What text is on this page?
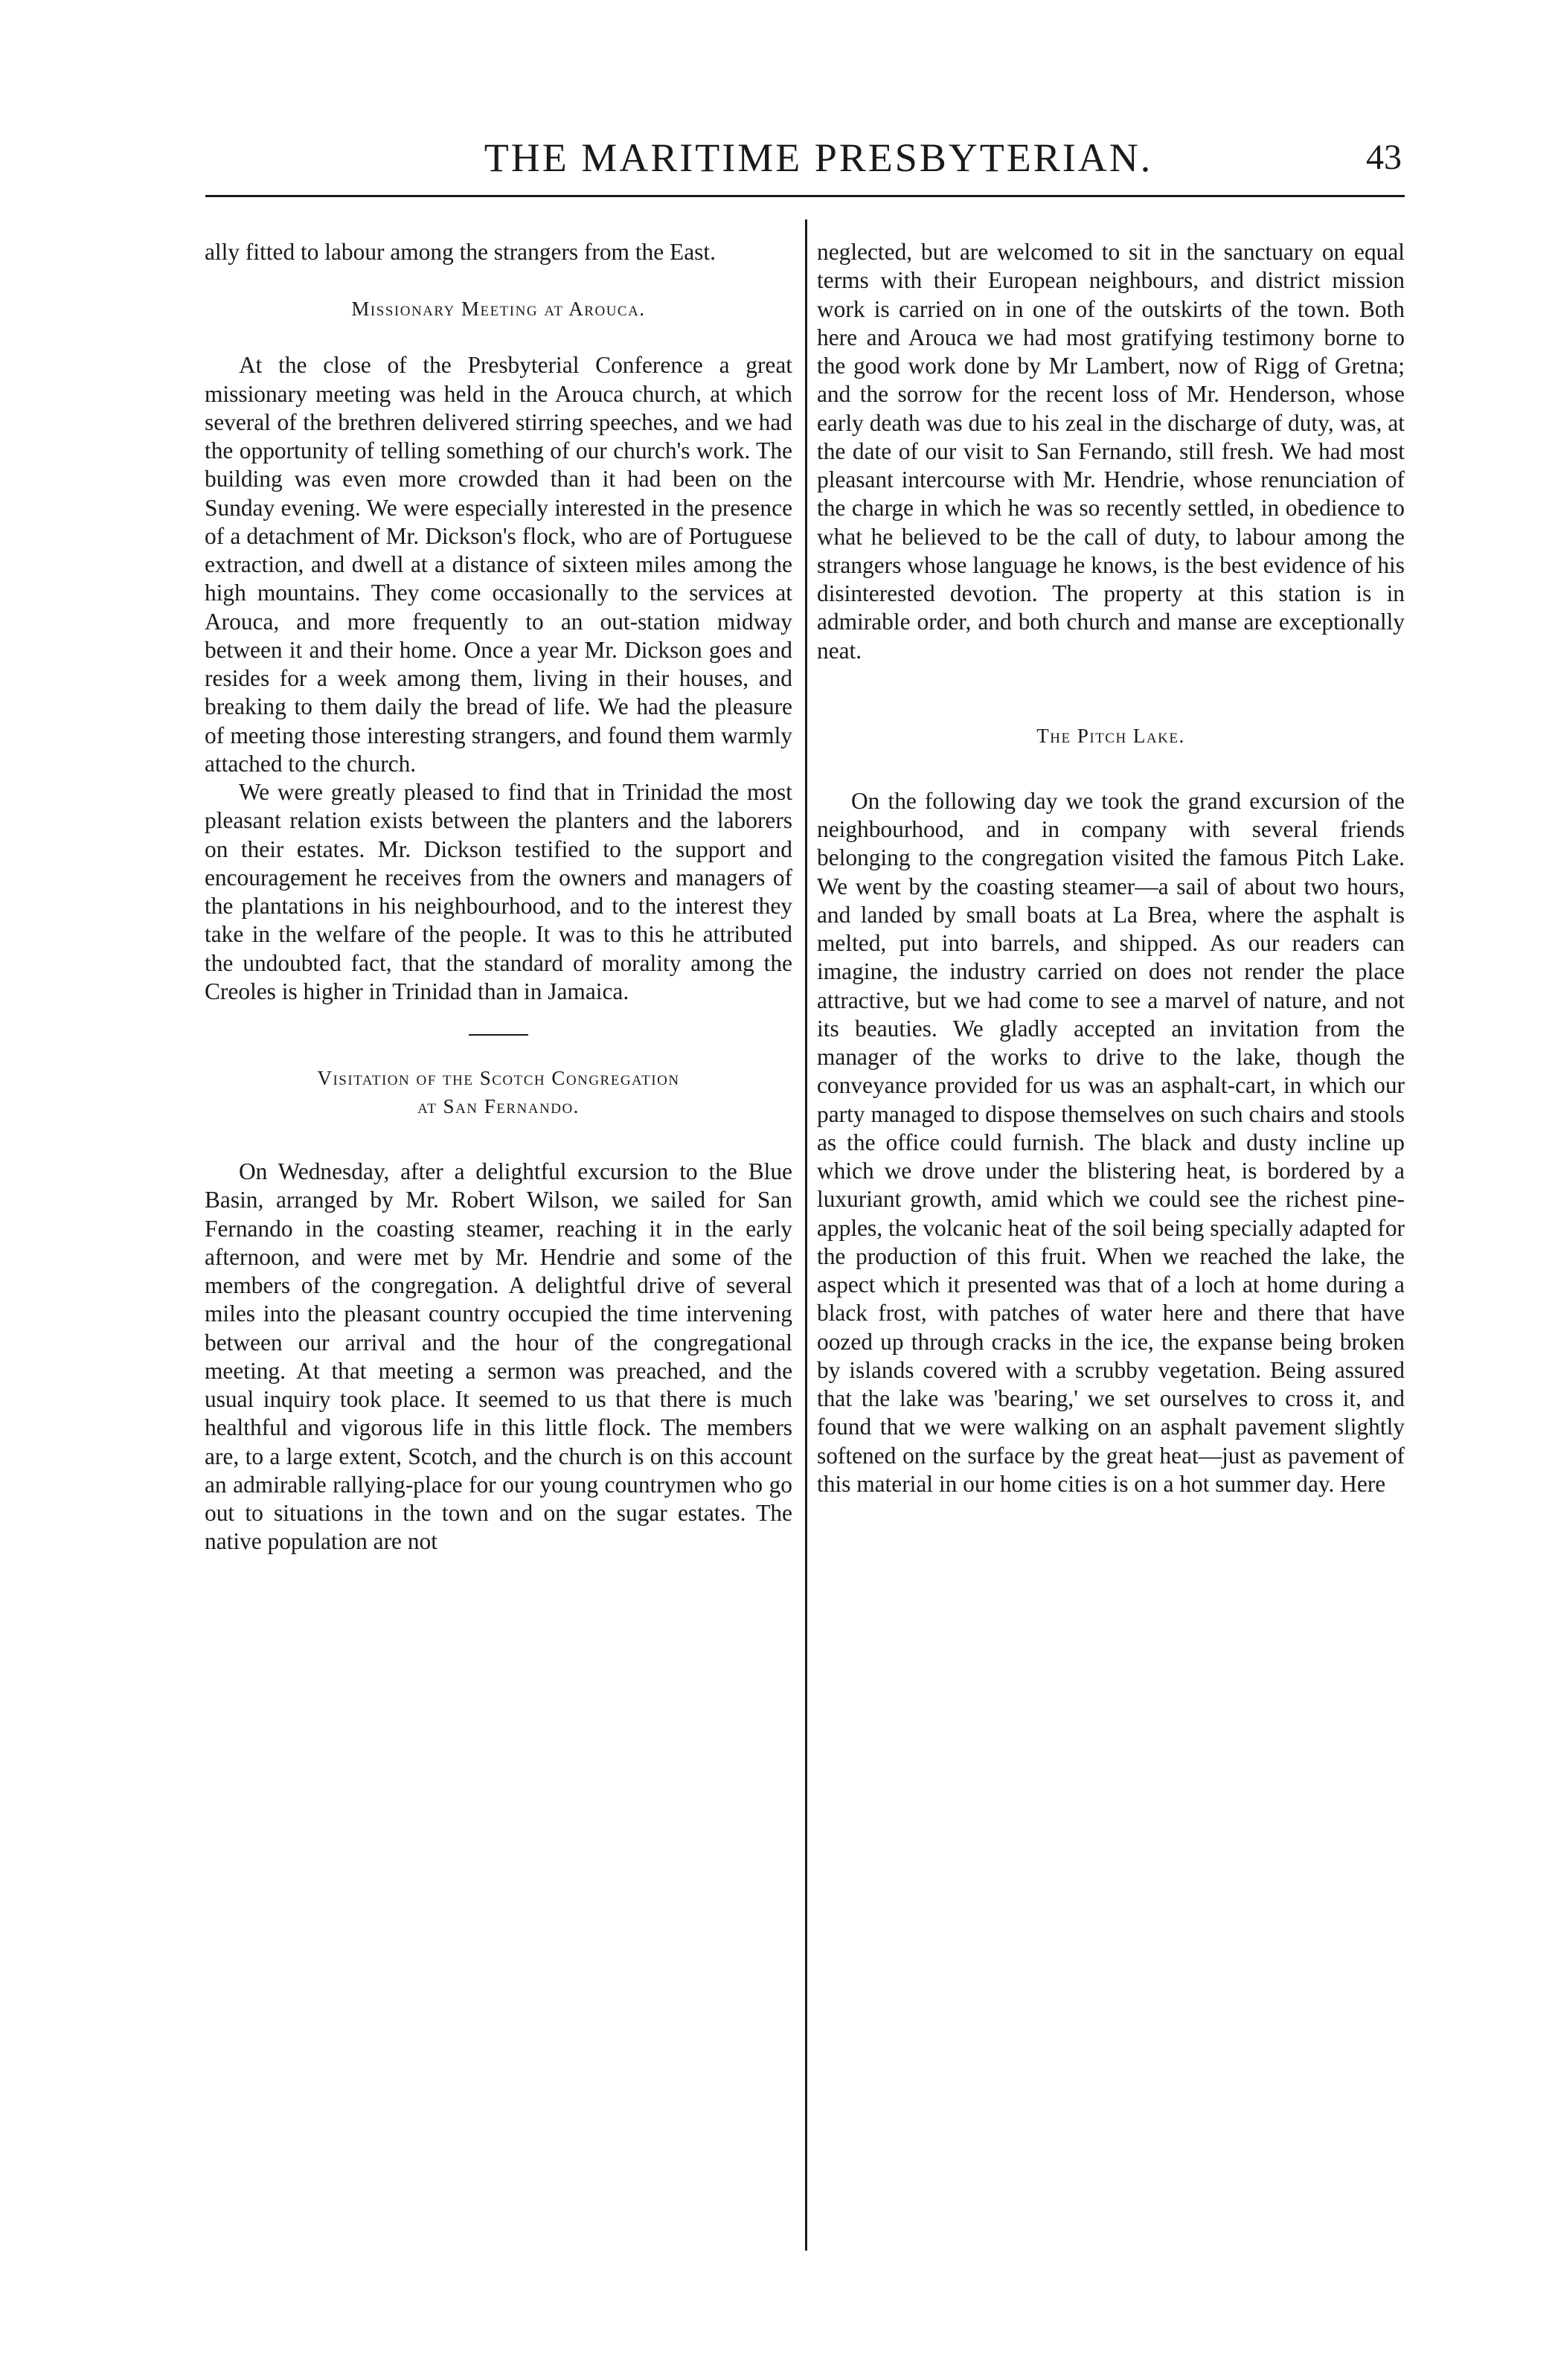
THE MARITIME PRESBYTERIAN.	43

ally fitted to labour among the strangers from the East.

Missionary Meeting at Arouca.

At the close of the Presbyterial Conference a great missionary meeting was held in the Arouca church, at which several of the brethren delivered stirring speeches, and we had the opportunity of telling something of our church's work. The building was even more crowded than it had been on the Sunday evening. We were especially interested in the presence of a detachment of Mr. Dickson's flock, who are of Portuguese extraction, and dwell at a distance of sixteen miles among the high mountains. They come occasionally to the services at Arouca, and more frequently to an out-station midway between it and their home. Once a year Mr. Dickson goes and resides for a week among them, living in their houses, and breaking to them daily the bread of life. We had the pleasure of meeting those interesting strangers, and found them warmly attached to the church.

We were greatly pleased to find that in Trinidad the most pleasant relation exists between the planters and the laborers on their estates. Mr. Dickson testified to the support and encouragement he receives from the owners and managers of the plantations in his neighbourhood, and to the interest they take in the welfare of the people. It was to this he attributed the undoubted fact, that the standard of morality among the Creoles is higher in Trinidad than in Jamaica.

Visitation of the Scotch Congregation
at San Fernando.

On Wednesday, after a delightful excursion to the Blue Basin, arranged by Mr. Robert Wilson, we sailed for San Fernando in the coasting steamer, reaching it in the early afternoon, and were met by Mr. Hendrie and some of the members of the congregation. A delightful drive of several miles into the pleasant country occupied the time intervening between our arrival and the hour of the congregational meeting. At that meeting a sermon was preached, and the usual inquiry took place. It seemed to us that there is much healthful and vigorous life in this little flock. The members are, to a large extent, Scotch, and the church is on this account an admirable rallying-place for our young countrymen who go out to situations in the town and on the sugar estates. The native population are not

neglected, but are welcomed to sit in the sanctuary on equal terms with their European neighbours, and district mission work is carried on in one of the outskirts of the town. Both here and Arouca we had most gratifying testimony borne to the good work done by Mr Lambert, now of Rigg of Gretna; and the sorrow for the recent loss of Mr. Henderson, whose early death was due to his zeal in the discharge of duty, was, at the date of our visit to San Fernando, still fresh. We had most pleasant intercourse with Mr. Hendrie, whose renunciation of the charge in which he was so recently settled, in obedience to what he believed to be the call of duty, to labour among the strangers whose language he knows, is the best evidence of his disinterested devotion. The property at this station is in admirable order, and both church and manse are exceptionally neat.

The Pitch Lake.

On the following day we took the grand excursion of the neighbourhood, and in company with several friends belonging to the congregation visited the famous Pitch Lake. We went by the coasting steamer—a sail of about two hours, and landed by small boats at La Brea, where the asphalt is melted, put into barrels, and shipped. As our readers can imagine, the industry carried on does not render the place attractive, but we had come to see a marvel of nature, and not its beauties. We gladly accepted an invitation from the manager of the works to drive to the lake, though the conveyance provided for us was an asphalt-cart, in which our party managed to dispose themselves on such chairs and stools as the office could furnish. The black and dusty incline up which we drove under the blistering heat, is bordered by a luxuriant growth, amid which we could see the richest pine-apples, the volcanic heat of the soil being specially adapted for the production of this fruit. When we reached the lake, the aspect which it presented was that of a loch at home during a black frost, with patches of water here and there that have oozed up through cracks in the ice, the expanse being broken by islands covered with a scrubby vegetation. Being assured that the lake was 'bearing,' we set ourselves to cross it, and found that we were walking on an asphalt pavement slightly softened on the surface by the great heat—just as pavement of this material in our home cities is on a hot summer day. Here
